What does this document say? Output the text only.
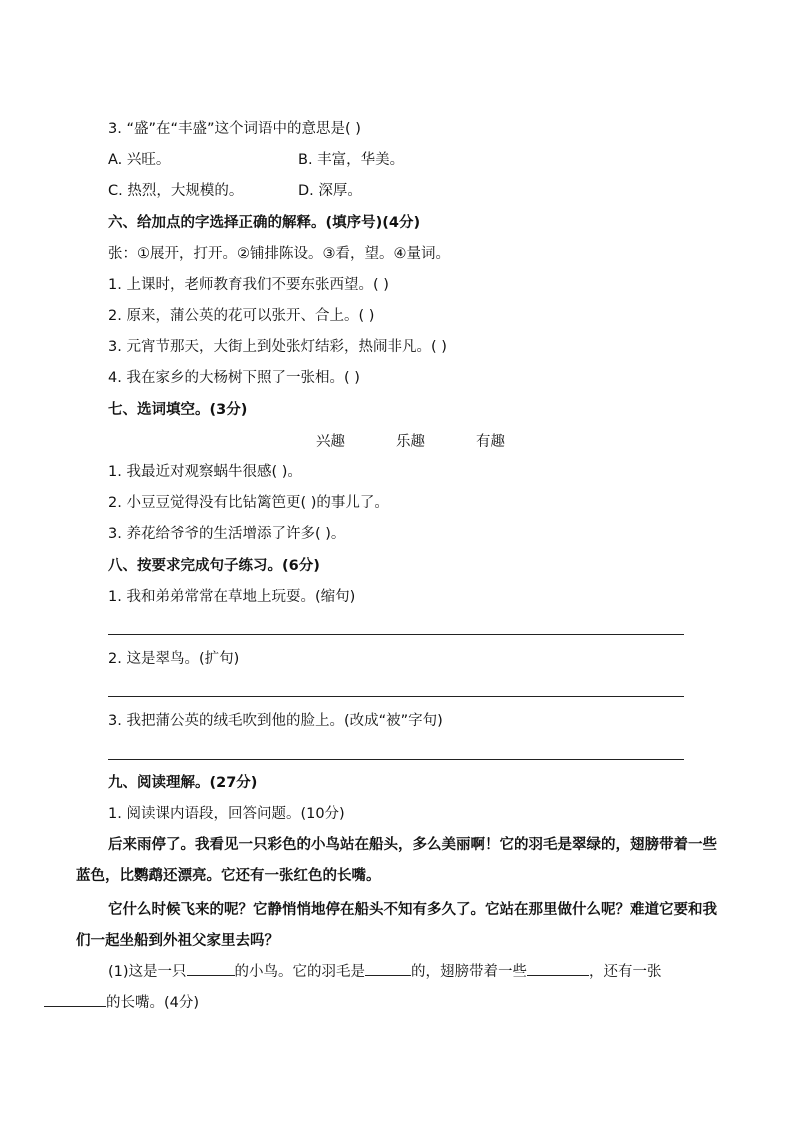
3. “盛”在“丰盛”这个词语中的意思是( )
A. 兴旺。	B. 丰富，华美。
C. 热烈，大规模的。	D. 深厚。
六、给加点的字选择正确的解释。(填序号)(4分)
张：①展开，打开。②铺排陈设。③看，望。④量词。
1. 上课时，老师教育我们不要东张西望。( )
2. 原来，蒲公英的花可以张开、合上。( )
3. 元宵节那天，大街上到处张灯结彩，热闹非凡。( )
4. 我在家乡的大杨树下照了一张相。( )
七、选词填空。(3分)
兴趣	乐趣	有趣
1. 我最近对观察蜗牛很感( )。
2. 小豆豆觉得没有比钻篱笆更( )的事儿了。
3. 养花给爷爷的生活增添了许多( )。
八、按要求完成句子练习。(6分)
1. 我和弟弟常常在草地上玩耍。(缩句)
2. 这是翠鸟。(扩句)
3. 我把蒲公英的绒毛吹到他的脸上。(改成“被”字句)
九、阅读理解。(27分)
1. 阅读课内语段，回答问题。(10分)
后来雨停了。我看见一只彩色的小鸟站在船头，多么美丽啊！它的羽毛是翠绿的，翅膀带着一些蓝色，比鹦鹉还漂亮。它还有一张红色的长嘴。
它什么时候飞来的呢？它静悄悄地停在船头不知有多久了。它站在那里做什么呢？难道它要和我们一起坐船到外祖父家里去吗？
(1)这是一只	的小鸟。它的羽毛是	的，翅膀带着一些	，还有一张
的长嘴。(4分)
